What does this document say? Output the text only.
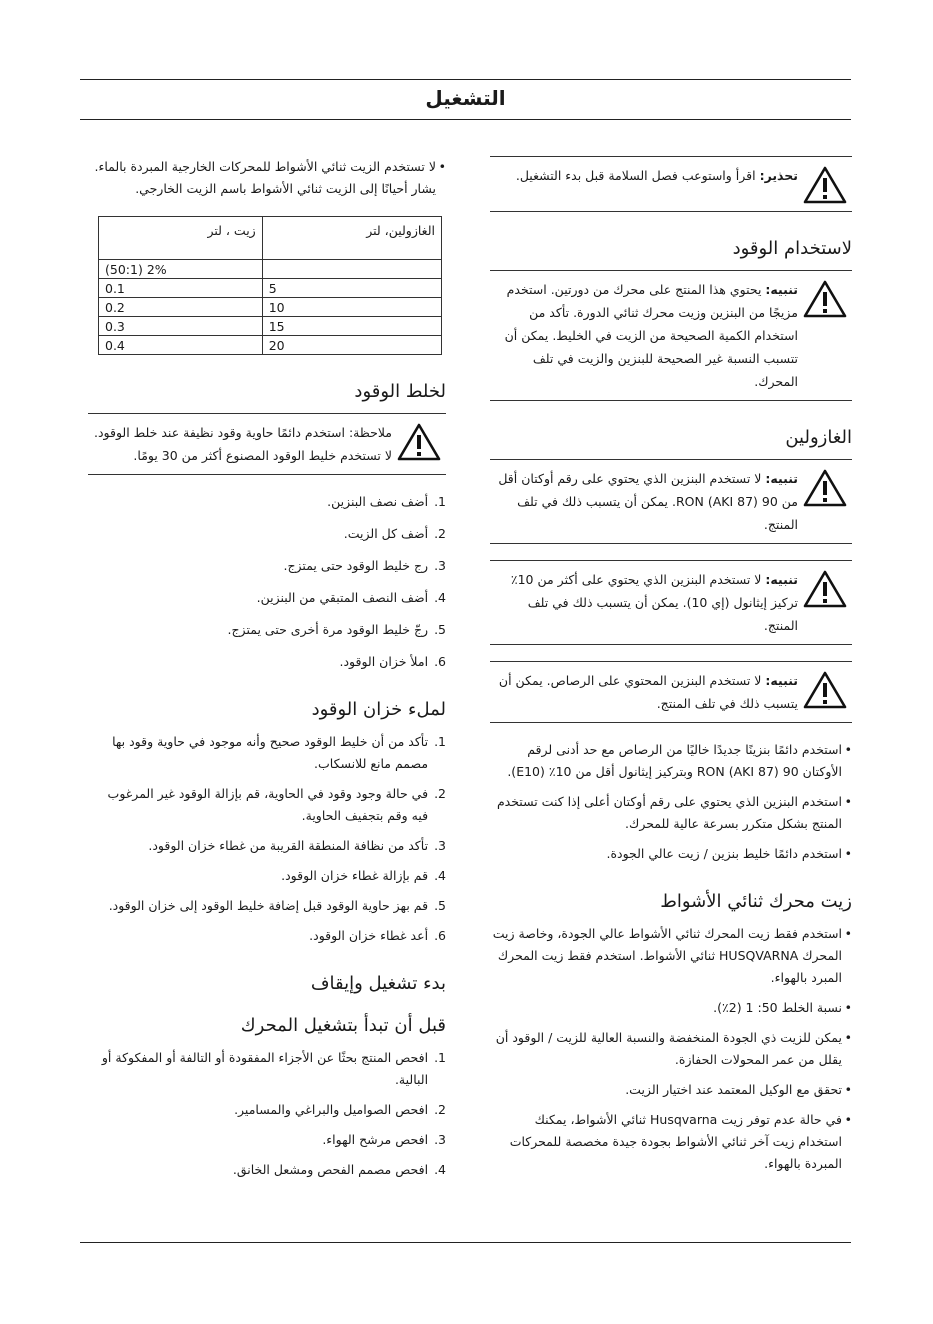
التشغيل
تحذير: اقرأ واستوعب فصل السلامة قبل بدء التشغيل.
لاستخدام الوقود
تنبيه: يحتوي هذا المنتج على محرك من دورتين. استخدم مزيجًا من البنزين وزيت محرك ثنائي الدورة. تأكد من استخدام الكمية الصحيحة من الزيت في الخليط. يمكن أن تتسبب النسبة غير الصحيحة للبنزين والزيت في تلف المحرك.
الغازولين
تنبيه: لا تستخدم البنزين الذي يحتوي على رقم أوكتان أقل من 90 (87 AKI) RON. يمكن أن يتسبب ذلك في تلف المنتج.
تنبيه: لا تستخدم البنزين الذي يحتوي على أكثر من 10٪ تركيز إيثانول (إي 10). يمكن أن يتسبب ذلك في تلف المنتج.
تنبيه: لا تستخدم البنزين المحتوي على الرصاص. يمكن أن يتسبب ذلك في تلف المنتج.
• استخدم دائمًا بنزينًا جديدًا خاليًا من الرصاص مع حد أدنى لرقم الأوكتان 90 (87 AKI) RON وبتركيز إيثانول أقل من 10٪ (E10).
• استخدم البنزين الذي يحتوي على رقم أوكتان أعلى إذا كنت تستخدم المنتج بشكل متكرر بسرعة عالية للمحرك.
• استخدم دائمًا خليط بنزين / زيت عالي الجودة.
زيت محرك ثنائي الأشواط
• استخدم فقط زيت المحرك ثنائي الأشواط عالي الجودة، وخاصة زيت المحرك HUSQVARNA ثنائي الأشواط. استخدم فقط زيت المحرك المبرد بالهواء.
• نسبة الخلط 50: 1 (2٪).
• يمكن للزيت ذي الجودة المنخفضة والنسبة العالية للزيت / الوقود أن يقلل من عمر المحولات الحفازة.
• تحقق مع الوكيل المعتمد عند اختيار الزيت.
• في حالة عدم توفر زيت Husqvarna ثنائي الأشواط، يمكنك استخدام زيت آخر ثنائي الأشواط بجودة جيدة مخصصة للمحركات المبردة بالهواء.
• لا تستخدم الزيت ثنائي الأشواط للمحركات الخارجية المبردة بالماء. يشار أحيانًا إلى الزيت ثنائي الأشواط باسم الزيت الخارجي.
الغازولين، لتر	زيت ، لتر
	2% (50:1)
5	0.1
10	0.2
15	0.3
20	0.4
لخلط الوقود
ملاحظة: استخدم دائمًا حاوية وقود نظيفة عند خلط الوقود. لا تستخدم خليط الوقود المصنوع أكثر من 30 يومًا.
.1
أضف نصف البنزين.
.2
أضف كل الزيت.
.3
رج خليط الوقود حتى يمتزج.
.4
أضف النصف المتبقي من البنزين.
.5
رجّ خليط الوقود مرة أخرى حتى يمتزج.
.6
املأ خزان الوقود.
لملء خزان الوقود
.1
تأكد من أن خليط الوقود صحيح وأنه موجود في حاوية وقود بها مصمم مانع للانسكاب.
.2
في حالة وجود وقود في الحاوية، قم بإزالة الوقود غير المرغوب فيه وقم بتجفيف الحاوية.
.3
تأكد من نظافة المنطقة القريبة من غطاء خزان الوقود.
.4
قم بإزالة غطاء خزان الوقود.
.5
قم بهز حاوية الوقود قبل إضافة خليط الوقود إلى خزان الوقود.
.6
أعد غطاء خزان الوقود.
بدء تشغيل وإيقاف
قبل أن تبدأ بتشغيل المحرك
.1
افحص المنتج بحثًا عن الأجزاء المفقودة أو التالفة أو المفكوكة أو البالية.
.2
افحص الصواميل والبراغي والمسامير.
.3
افحص مرشح الهواء.
.4
افحص مصمم الفحص ومشعل الخانق.
